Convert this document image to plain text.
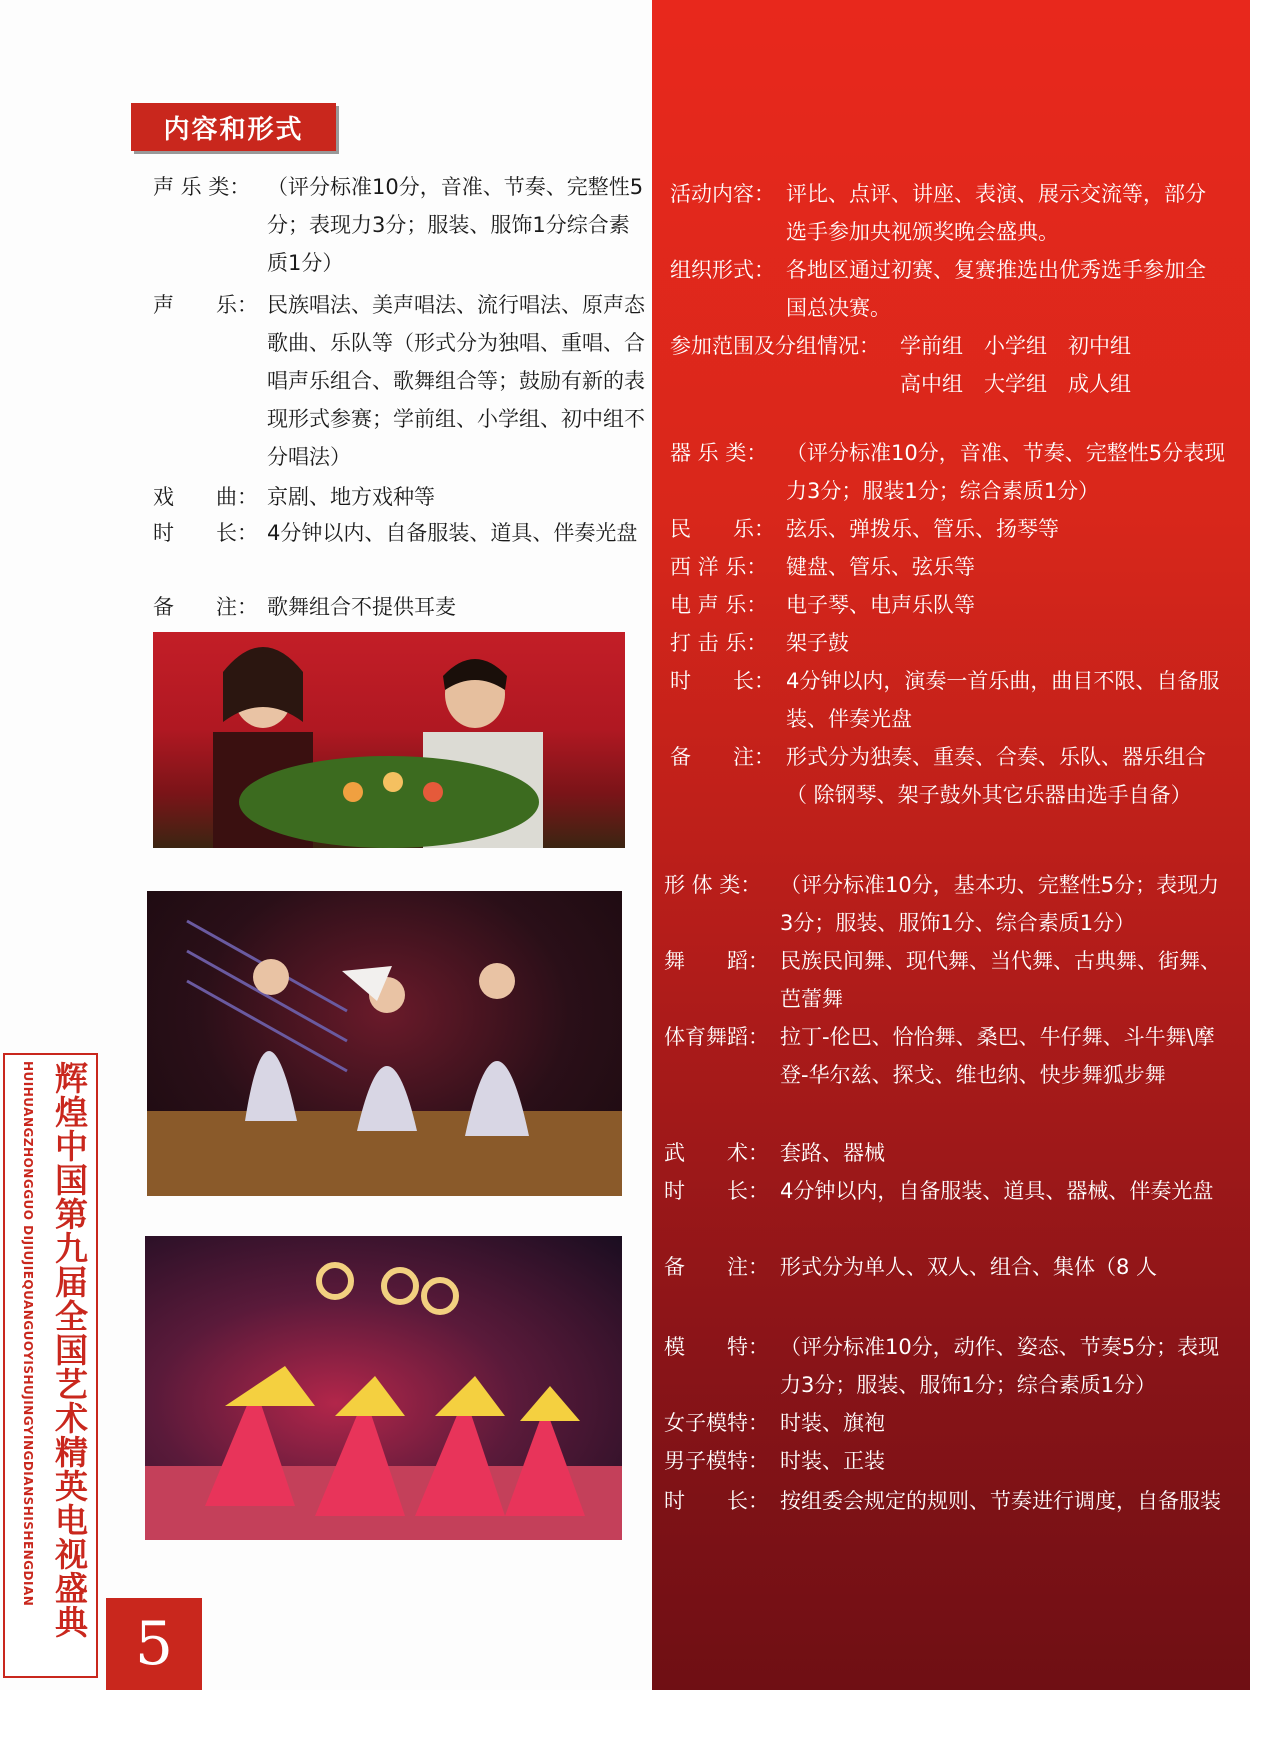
内容和形式
声 乐 类： （评分标准10分，音准、节奏、完整性5分；表现力3分；服装、服饰1分综合素质1分）
声　　乐： 民族唱法、美声唱法、流行唱法、原声态歌曲、乐队等（形式分为独唱、重唱、合唱声乐组合、歌舞组合等；鼓励有新的表现形式参赛；学前组、小学组、初中组不分唱法）
戏　　曲： 京剧、地方戏种等
时　　长： 4分钟以内、自备服装、道具、伴奏光盘
备　　注： 歌舞组合不提供耳麦
活动内容： 评比、点评、讲座、表演、展示交流等，部分选手参加央视颁奖晚会盛典。
组织形式： 各地区通过初赛、复赛推选出优秀选手参加全国总决赛。
参加范围及分组情况： 学前组　小学组　初中组
高中组　大学组　成人组
器 乐 类： （评分标准10分，音准、节奏、完整性5分表现力3分；服装1分；综合素质1分）
民　　乐： 弦乐、弹拨乐、管乐、扬琴等
西 洋 乐： 键盘、管乐、弦乐等
电 声 乐： 电子琴、电声乐队等
打 击 乐： 架子鼓
时　　长： 4分钟以内，演奏一首乐曲，曲目不限、自备服装、伴奏光盘
备　　注： 形式分为独奏、重奏、合奏、乐队、器乐组合（ 除钢琴、架子鼓外其它乐器由选手自备）
形 体 类： （评分标准10分，基本功、完整性5分；表现力3分；服装、服饰1分、综合素质1分）
舞　　蹈： 民族民间舞、现代舞、当代舞、古典舞、街舞、 芭蕾舞
体育舞蹈： 拉丁-伦巴、恰恰舞、桑巴、牛仔舞、斗牛舞\摩登-华尔兹、探戈、维也纳、快步舞狐步舞
武　　术： 套路、器械
时　　长： 4分钟以内，自备服装、道具、器械、伴奏光盘
备　　注： 形式分为单人、双人、组合、集体（8 人
模　　特： （评分标准10分，动作、姿态、节奏5分；表现力3分；服装、服饰1分；综合素质1分）
女子模特： 时装、旗袍
男子模特： 时装、正装
时　　长： 按组委会规定的规则、节奏进行调度，自备服装
HUIHUANGZHONGGUO DIJIUJIEQUANGUOYISHUJINGYINGDIANSHISHENGDIAN 辉煌中国第九届全国艺术精英电视盛典
5
